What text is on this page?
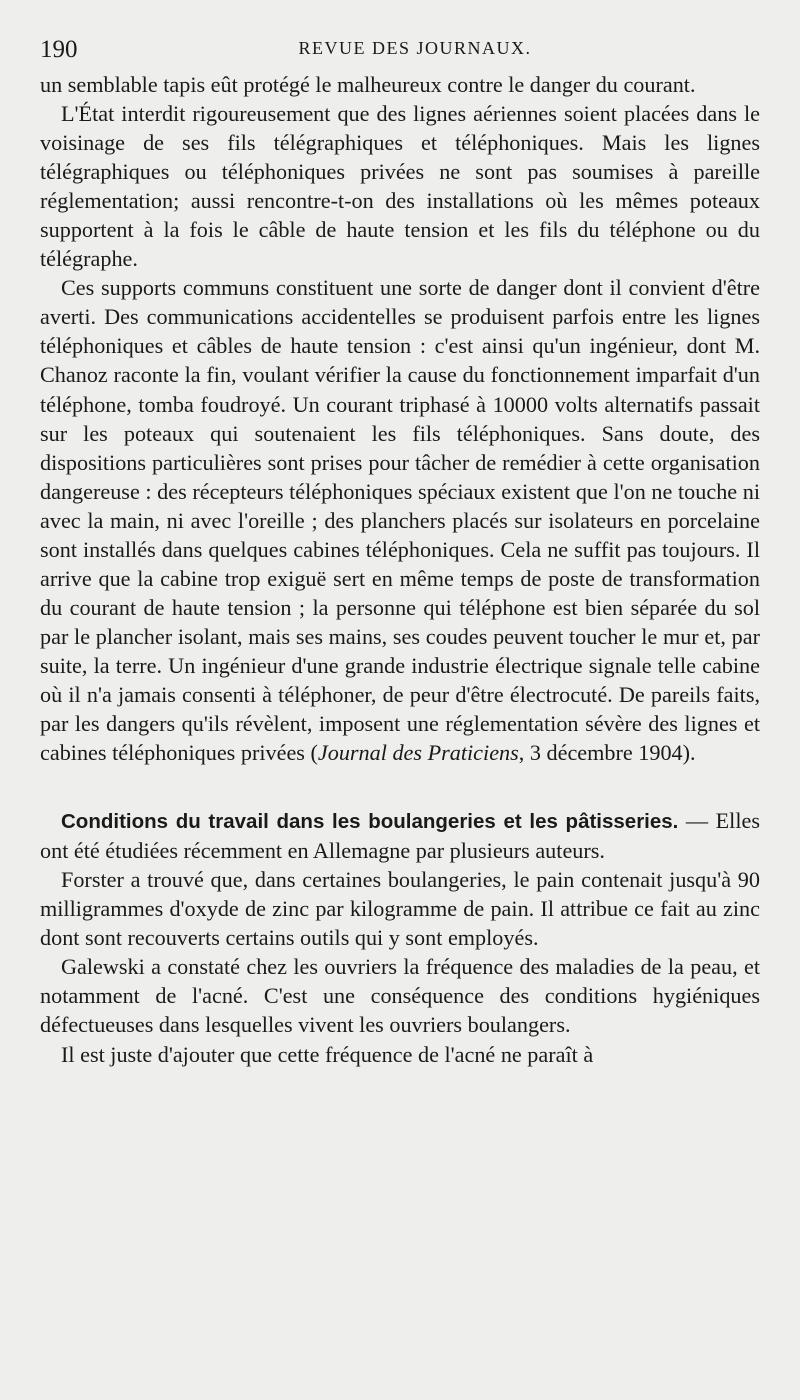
190	REVUE DES JOURNAUX.

un semblable tapis eût protégé le malheureux contre le danger du courant.

L'État interdit rigoureusement que des lignes aériennes soient placées dans le voisinage de ses fils télégraphiques et téléphoniques. Mais les lignes télégraphiques ou téléphoniques privées ne sont pas soumises à pareille réglementation; aussi rencontre-t-on des installations où les mêmes poteaux supportent à la fois le câble de haute tension et les fils du téléphone ou du télégraphe.

Ces supports communs constituent une sorte de danger dont il convient d'être averti. Des communications accidentelles se produisent parfois entre les lignes téléphoniques et câbles de haute tension : c'est ainsi qu'un ingénieur, dont M. Chanoz raconte la fin, voulant vérifier la cause du fonctionnement imparfait d'un téléphone, tomba foudroyé. Un courant triphasé à 10000 volts alternatifs passait sur les poteaux qui soutenaient les fils téléphoniques. Sans doute, des dispositions particulières sont prises pour tâcher de remédier à cette organisation dangereuse : des récepteurs téléphoniques spéciaux existent que l'on ne touche ni avec la main, ni avec l'oreille ; des planchers placés sur isolateurs en porcelaine sont installés dans quelques cabines téléphoniques. Cela ne suffit pas toujours. Il arrive que la cabine trop exiguë sert en même temps de poste de transformation du courant de haute tension ; la personne qui téléphone est bien séparée du sol par le plancher isolant, mais ses mains, ses coudes peuvent toucher le mur et, par suite, la terre. Un ingénieur d'une grande industrie électrique signale telle cabine où il n'a jamais consenti à téléphoner, de peur d'être électrocuté. De pareils faits, par les dangers qu'ils révèlent, imposent une réglementation sévère des lignes et cabines téléphoniques privées (Journal des Praticiens, 3 décembre 1904).

Conditions du travail dans les boulangeries et les pâtisseries. — Elles ont été étudiées récemment en Allemagne par plusieurs auteurs.

Forster a trouvé que, dans certaines boulangeries, le pain contenait jusqu'à 90 milligrammes d'oxyde de zinc par kilogramme de pain. Il attribue ce fait au zinc dont sont recouverts certains outils qui y sont employés.

Galewski a constaté chez les ouvriers la fréquence des maladies de la peau, et notamment de l'acné. C'est une conséquence des conditions hygiéniques défectueuses dans lesquelles vivent les ouvriers boulangers.

Il est juste d'ajouter que cette fréquence de l'acné ne paraît à
